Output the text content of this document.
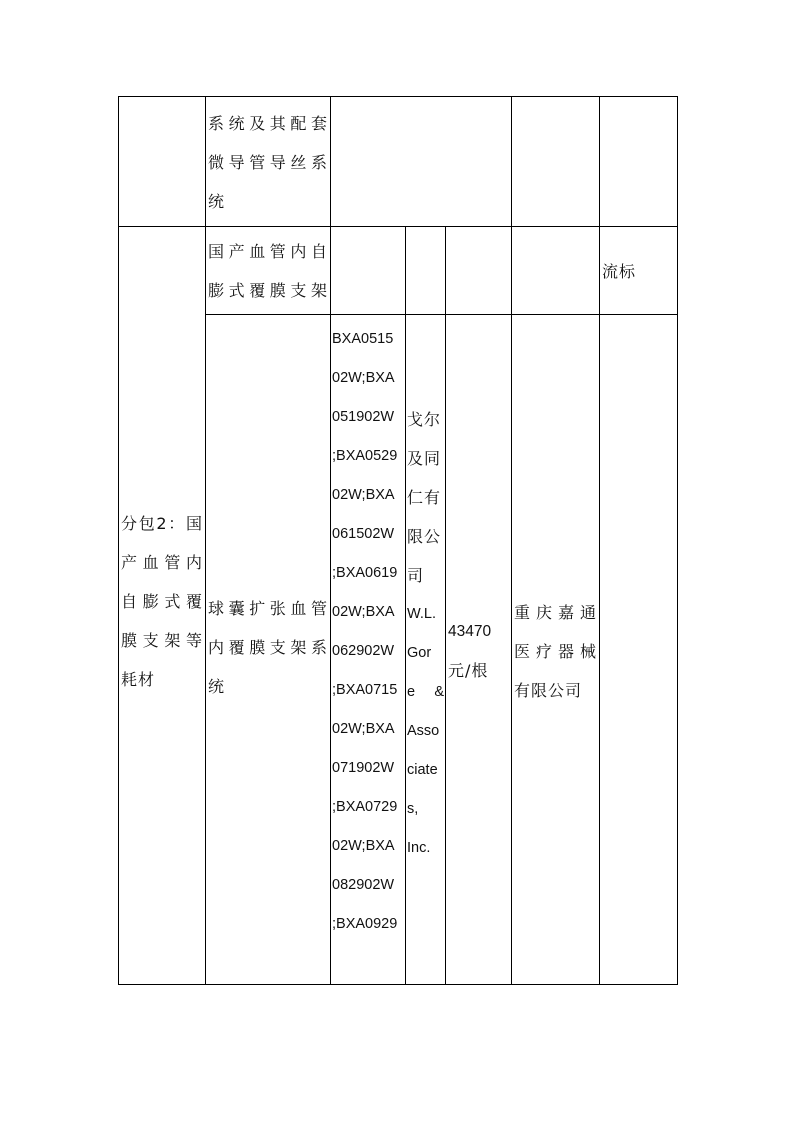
系统及其配套
微导管导丝系
统
国产血管内自
膨式覆膜支架
流标
分包2：国
产血管内
自膨式覆
膜支架等
耗材
球囊扩张血管
内覆膜支架系
统
BXA0515
02W;BXA
051902W
;BXA0529
02W;BXA
061502W
;BXA0619
02W;BXA
062902W
;BXA0715
02W;BXA
071902W
;BXA0729
02W;BXA
082902W
;BXA0929
戈尔
及同
仁有
限公
司
W.L.
Gor
e &
Asso
ciate
s,
Inc.
43470
元/根
重庆嘉通
医疗器械
有限公司
